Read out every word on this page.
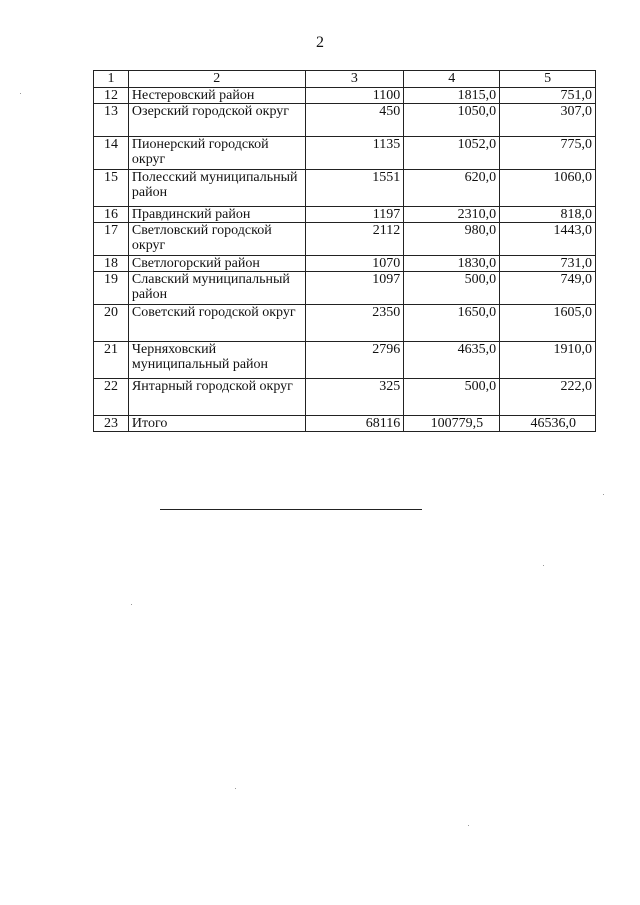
2
1	2	3	4	5
12	Нестеровский район	1100	1815,0	751,0
13	Озерский городской округ	450	1050,0	307,0
14	Пионерский городской округ	1135	1052,0	775,0
15	Полесский муниципальный район	1551	620,0	1060,0
16	Правдинский район	1197	2310,0	818,0
17	Светловский городской округ	2112	980,0	1443,0
18	Светлогорский район	1070	1830,0	731,0
19	Славский муниципальный район	1097	500,0	749,0
20	Советский городской округ	2350	1650,0	1605,0
21	Черняховский муниципальный район	2796	4635,0	1910,0
22	Янтарный городской округ	325	500,0	222,0
23	Итого	68116	100779,5	46536,0
